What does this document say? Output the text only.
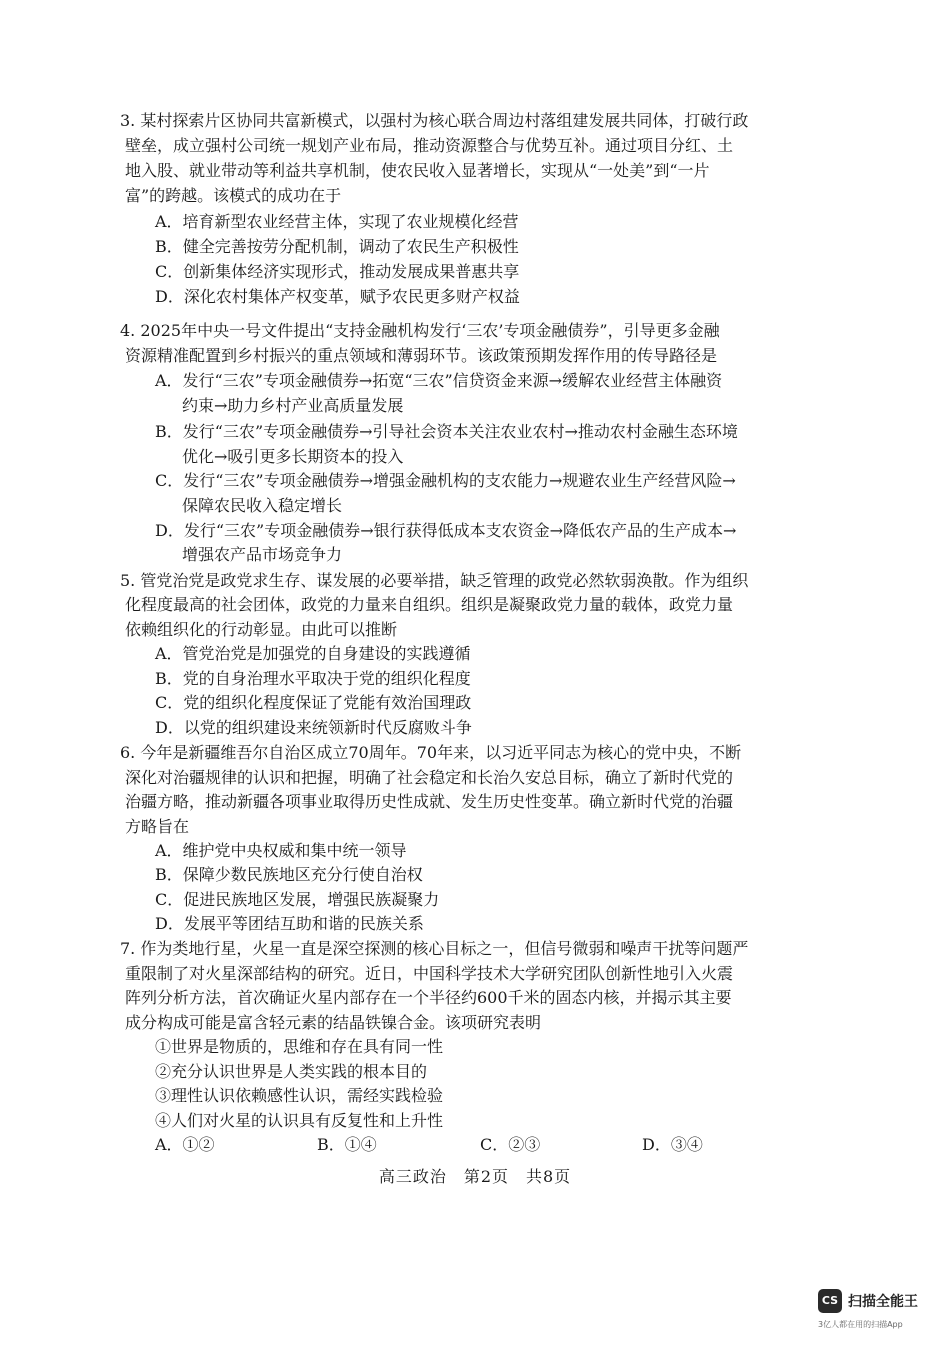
3. 某村探索片区协同共富新模式，以强村为核心联合周边村落组建发展共同体，打破行政
壁垒，成立强村公司统一规划产业布局，推动资源整合与优势互补。通过项目分红、土
地入股、就业带动等利益共享机制，使农民收入显著增长，实现从“一处美”到“一片
富”的跨越。该模式的成功在于
A．培育新型农业经营主体，实现了农业规模化经营
B．健全完善按劳分配机制，调动了农民生产积极性
C．创新集体经济实现形式，推动发展成果普惠共享
D．深化农村集体产权变革，赋予农民更多财产权益
4. 2025年中央一号文件提出“支持金融机构发行‘三农’专项金融债券”，引导更多金融
资源精准配置到乡村振兴的重点领域和薄弱环节。该政策预期发挥作用的传导路径是
A．发行“三农”专项金融债券→拓宽“三农”信贷资金来源→缓解农业经营主体融资
约束→助力乡村产业高质量发展
B．发行“三农”专项金融债券→引导社会资本关注农业农村→推动农村金融生态环境
优化→吸引更多长期资本的投入
C．发行“三农”专项金融债券→增强金融机构的支农能力→规避农业生产经营风险→
保障农民收入稳定增长
D．发行“三农”专项金融债券→银行获得低成本支农资金→降低农产品的生产成本→
增强农产品市场竞争力
5. 管党治党是政党求生存、谋发展的必要举措，缺乏管理的政党必然软弱涣散。作为组织
化程度最高的社会团体，政党的力量来自组织。组织是凝聚政党力量的载体，政党力量
依赖组织化的行动彰显。由此可以推断
A．管党治党是加强党的自身建设的实践遵循
B．党的自身治理水平取决于党的组织化程度
C．党的组织化程度保证了党能有效治国理政
D．以党的组织建设来统领新时代反腐败斗争
6. 今年是新疆维吾尔自治区成立70周年。70年来，以习近平同志为核心的党中央，不断
深化对治疆规律的认识和把握，明确了社会稳定和长治久安总目标，确立了新时代党的
治疆方略，推动新疆各项事业取得历史性成就、发生历史性变革。确立新时代党的治疆
方略旨在
A．维护党中央权威和集中统一领导
B．保障少数民族地区充分行使自治权
C．促进民族地区发展，增强民族凝聚力
D．发展平等团结互助和谐的民族关系
7. 作为类地行星，火星一直是深空探测的核心目标之一，但信号微弱和噪声干扰等问题严
重限制了对火星深部结构的研究。近日，中国科学技术大学研究团队创新性地引入火震
阵列分析方法，首次确证火星内部存在一个半径约600千米的固态内核，并揭示其主要
成分构成可能是富含轻元素的结晶铁镍合金。该项研究表明
①世界是物质的，思维和存在具有同一性
②充分认识世界是人类实践的根本目的
③理性认识依赖感性认识，需经实践检验
④人们对火星的认识具有反复性和上升性
A．①②	B．①④	C．②③	D．③④
高三政治　第2页　共8页
CS 扫描全能王
3亿人都在用的扫描App
